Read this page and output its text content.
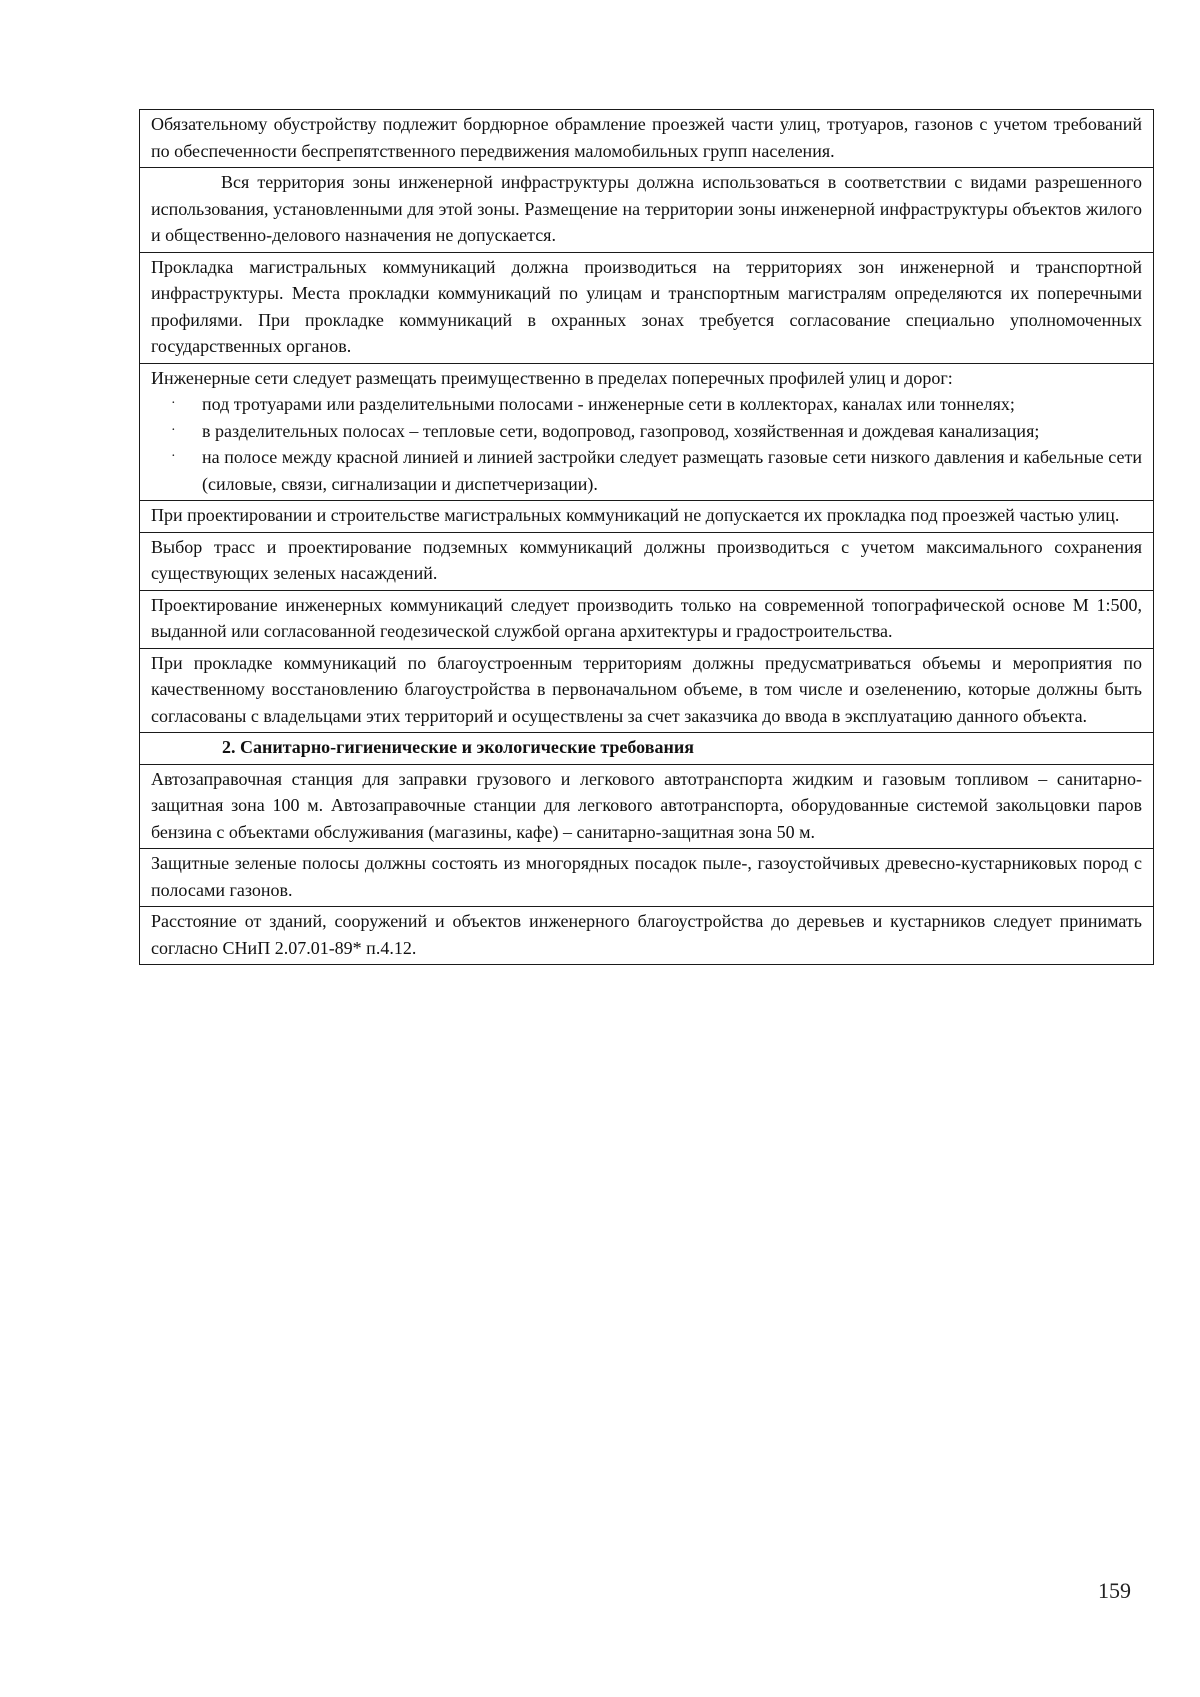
Обязательному обустройству подлежит бордюрное обрамление проезжей части улиц, тротуаров, газонов с учетом требований по обеспеченности беспрепятственного передвижения маломобильных групп населения.
Вся территория зоны инженерной инфраструктуры должна использоваться в соответствии с видами разрешенного использования, установленными для этой зоны. Размещение на территории зоны инженерной инфраструктуры объектов жилого и общественно-делового назначения не допускается.
Прокладка магистральных коммуникаций должна производиться на территориях зон инженерной и транспортной инфраструктуры. Места прокладки коммуникаций по улицам и транспортным магистралям определяются их поперечными профилями. При прокладке коммуникаций в охранных зонах требуется согласование специально уполномоченных государственных органов.

Инженерные сети следует размещать преимущественно в пределах поперечных профилей улиц и дорог:
· под тротуарами или разделительными полосами - инженерные сети в коллекторах, каналах или тоннелях;
· в разделительных полосах – тепловые сети, водопровод, газопровод, хозяйственная и дождевая канализация;
· на полосе между красной линией и линией застройки следует размещать газовые сети низкого давления и кабельные сети (силовые, связи, сигнализации и диспетчеризации).

При проектировании и строительстве магистральных коммуникаций не допускается их прокладка под проезжей частью улиц.
Выбор трасс и проектирование подземных коммуникаций должны производиться с учетом максимального сохранения существующих зеленых насаждений.
Проектирование инженерных коммуникаций следует производить только на современной топографической основе М 1:500, выданной или согласованной геодезической службой органа архитектуры и градостроительства.
При прокладке коммуникаций по благоустроенным территориям должны предусматриваться объемы и мероприятия по качественному восстановлению благоустройства в первоначальном объеме, в том числе и озеленению, которые должны быть согласованы с владельцами этих территорий и осуществлены за счет заказчика до ввода в эксплуатацию данного объекта.
2. Санитарно-гигиенические и экологические требования
Автозаправочная станция для заправки грузового и легкового автотранспорта жидким и газовым топливом – санитарно-защитная зона 100 м. Автозаправочные станции для легкового автотранспорта, оборудованные системой закольцовки паров бензина с объектами обслуживания (магазины, кафе) – санитарно-защитная зона 50 м.
Защитные зеленые полосы должны состоять из многорядных посадок пыле-, газоустойчивых древесно-кустарниковых пород с полосами газонов.
Расстояние от зданий, сооружений и объектов инженерного благоустройства до деревьев и кустарников следует принимать согласно СНиП 2.07.01-89* п.4.12.
159
